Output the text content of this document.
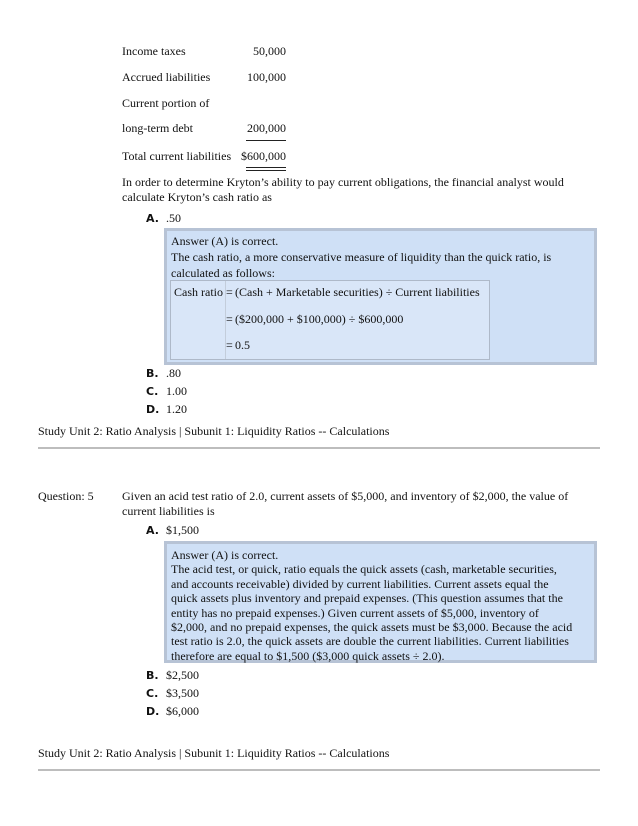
Income taxes	50,000
Accrued liabilities	100,000
Current portion of
long-term debt	200,000
Total current liabilities $600,000
In order to determine Kryton’s ability to pay current obligations, the financial analyst would
calculate Kryton’s cash ratio as
A. .50
Answer (A) is correct.
The cash ratio, a more conservative measure of liquidity than the quick ratio, is
calculated as follows:
Cash ratio = (Cash + Marketable securities) ÷ Current liabilities
= ($200,000 + $100,000) ÷ $600,000
= 0.5
B. .80
C. 1.00
D. 1.20
Study Unit 2: Ratio Analysis | Subunit 1: Liquidity Ratios -- Calculations
Question: 5 Given an acid test ratio of 2.0, current assets of $5,000, and inventory of $2,000, the value of
current liabilities is
A. $1,500
Answer (A) is correct.
The acid test, or quick, ratio equals the quick assets (cash, marketable securities,
and accounts receivable) divided by current liabilities. Current assets equal the
quick assets plus inventory and prepaid expenses. (This question assumes that the
entity has no prepaid expenses.) Given current assets of $5,000, inventory of
$2,000, and no prepaid expenses, the quick assets must be $3,000. Because the acid
test ratio is 2.0, the quick assets are double the current liabilities. Current liabilities
therefore are equal to $1,500 ($3,000 quick assets ÷ 2.0).
B. $2,500
C. $3,500
D. $6,000
Study Unit 2: Ratio Analysis | Subunit 1: Liquidity Ratios -- Calculations
